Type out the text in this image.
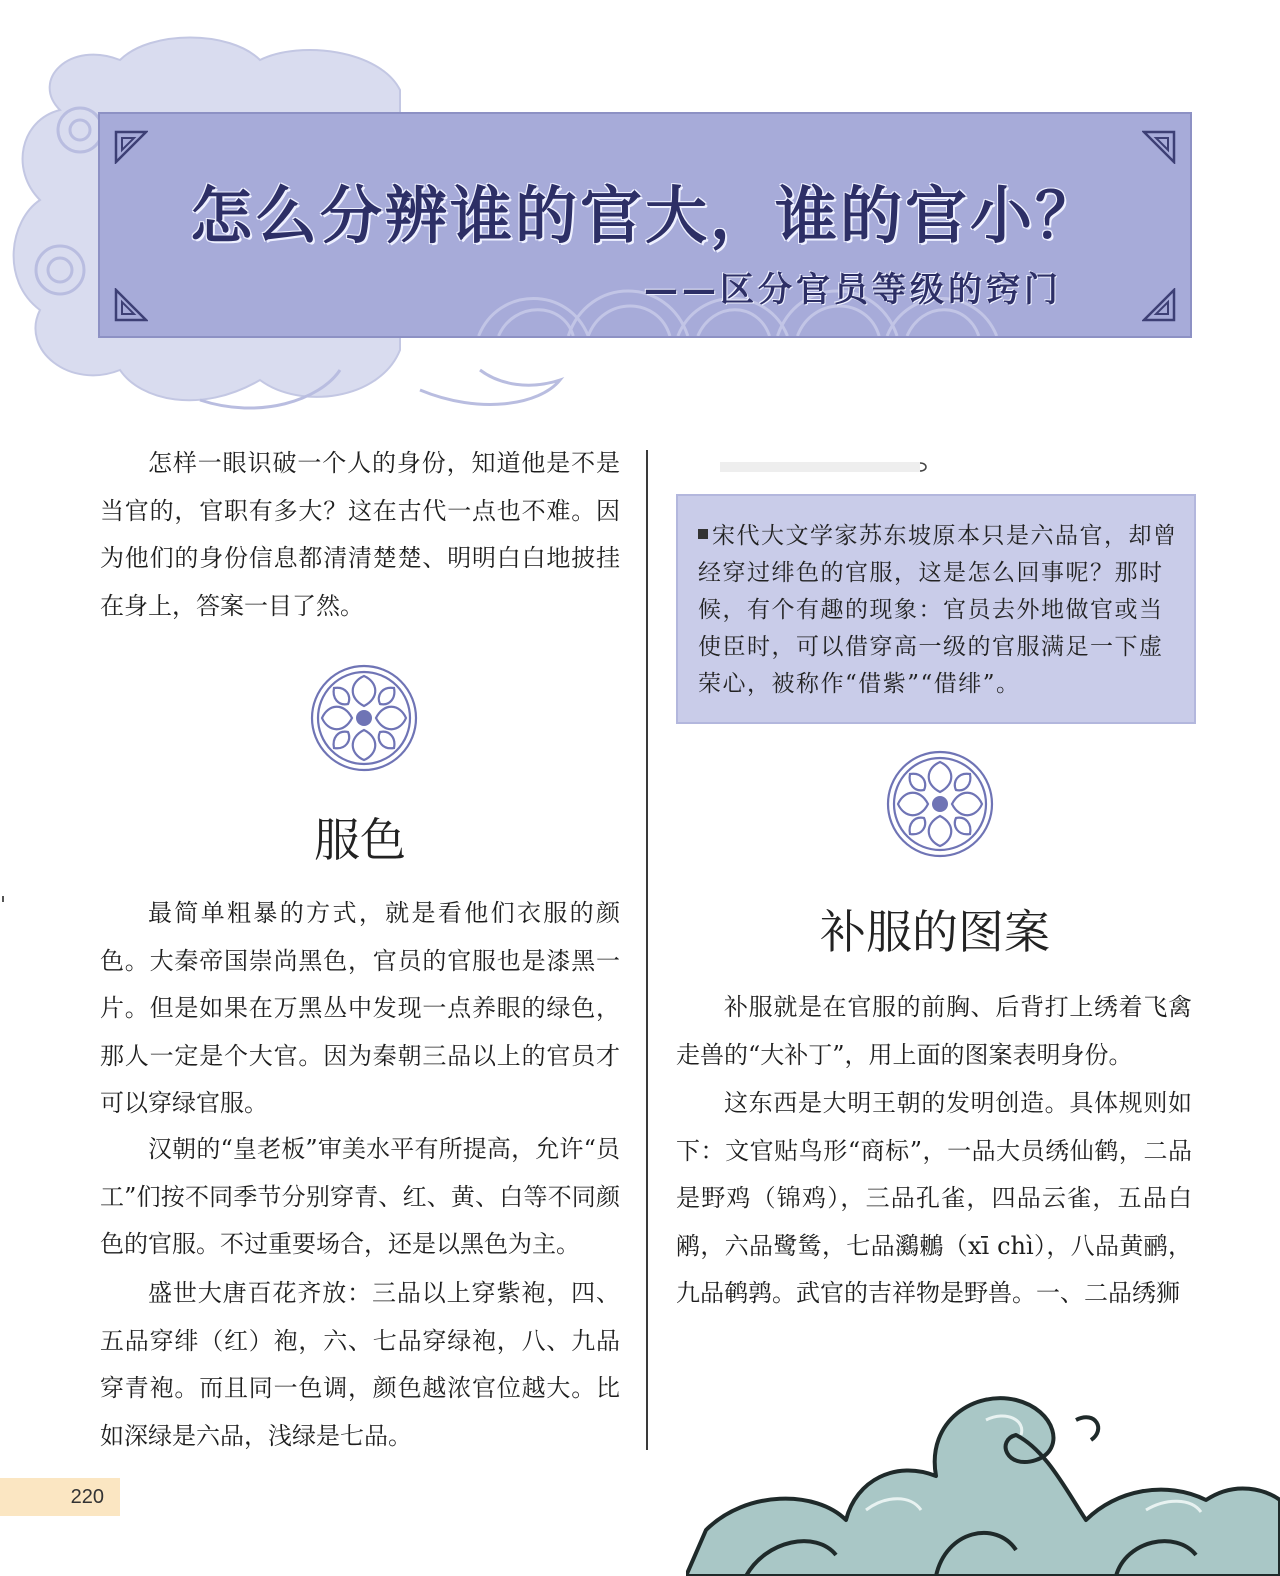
怎么分辨谁的官大，谁的官小？
——区分官员等级的窍门

怎样一眼识破一个人的身份，知道他是不是当官的，官职有多大？这在古代一点也不难。因为他们的身份信息都清清楚楚、明明白白地披挂在身上，答案一目了然。

服色

最简单粗暴的方式，就是看他们衣服的颜色。大秦帝国崇尚黑色，官员的官服也是漆黑一片。但是如果在万黑丛中发现一点养眼的绿色，那人一定是个大官。因为秦朝三品以上的官员才可以穿绿官服。

汉朝的“皇老板”审美水平有所提高，允许“员工”们按不同季节分别穿青、红、黄、白等不同颜色的官服。不过重要场合，还是以黑色为主。

盛世大唐百花齐放：三品以上穿紫袍，四、五品穿绯（红）袍，六、七品穿绿袍，八、九品穿青袍。而且同一色调，颜色越浓官位越大。比如深绿是六品，浅绿是七品。

宋代大文学家苏东坡原本只是六品官，却曾经穿过绯色的官服，这是怎么回事呢？那时候，有个有趣的现象：官员去外地做官或当使臣时，可以借穿高一级的官服满足一下虚荣心，被称作“借紫”“借绯”。

补服的图案

补服就是在官服的前胸、后背打上绣着飞禽走兽的“大补丁”，用上面的图案表明身份。

这东西是大明王朝的发明创造。具体规则如下：文官贴鸟形“商标”，一品大员绣仙鹤，二品是野鸡（锦鸡），三品孔雀，四品云雀，五品白鹇，六品鹭鸶，七品鸂鶒（xī chì），八品黄鹂，九品鹌鹑。武官的吉祥物是野兽。一、二品绣狮

220
